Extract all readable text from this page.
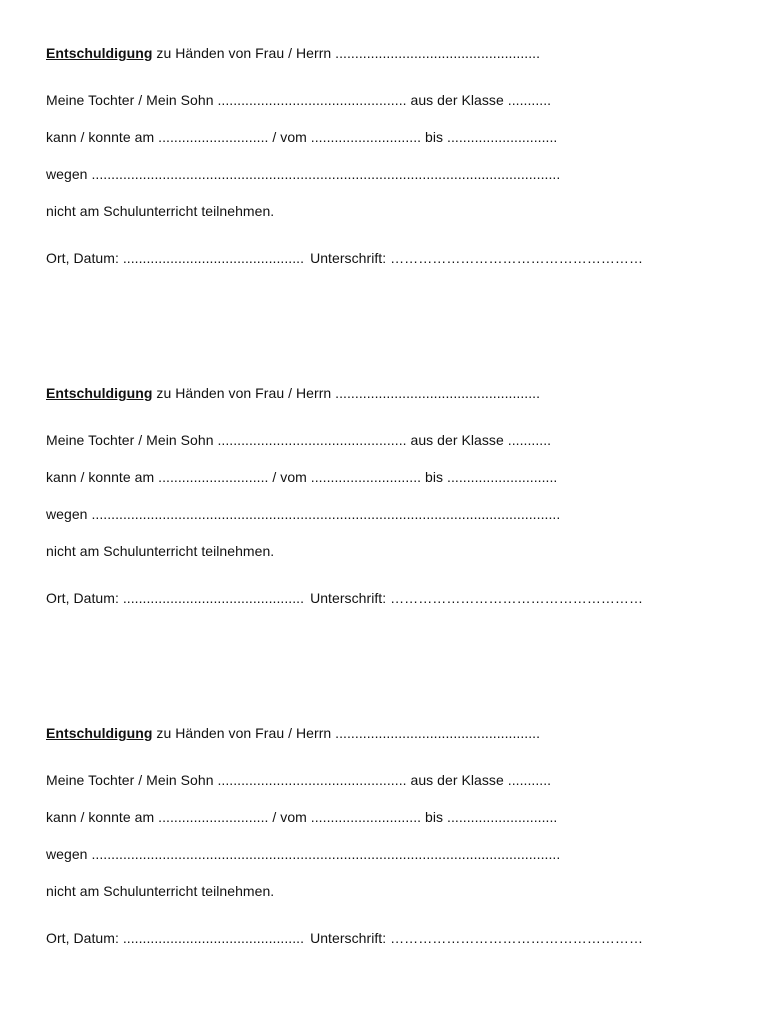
Entschuldigung zu Händen von Frau / Herrn ....................................................
Meine Tochter / Mein Sohn ................................................ aus der Klasse ...........
kann / konnte am ............................ / vom ............................ bis ............................
wegen .......................................................................................................................
nicht am Schulunterricht teilnehmen.
Ort, Datum: .............................................. Unterschrift: ………………………………………………
Entschuldigung zu Händen von Frau / Herrn ....................................................
Meine Tochter / Mein Sohn ................................................ aus der Klasse ...........
kann / konnte am ............................ / vom ............................ bis ............................
wegen .......................................................................................................................
nicht am Schulunterricht teilnehmen.
Ort, Datum: .............................................. Unterschrift: ………………………………………………
Entschuldigung zu Händen von Frau / Herrn ....................................................
Meine Tochter / Mein Sohn ................................................ aus der Klasse ...........
kann / konnte am ............................ / vom ............................ bis ............................
wegen .......................................................................................................................
nicht am Schulunterricht teilnehmen.
Ort, Datum: .............................................. Unterschrift: ………………………………………………
